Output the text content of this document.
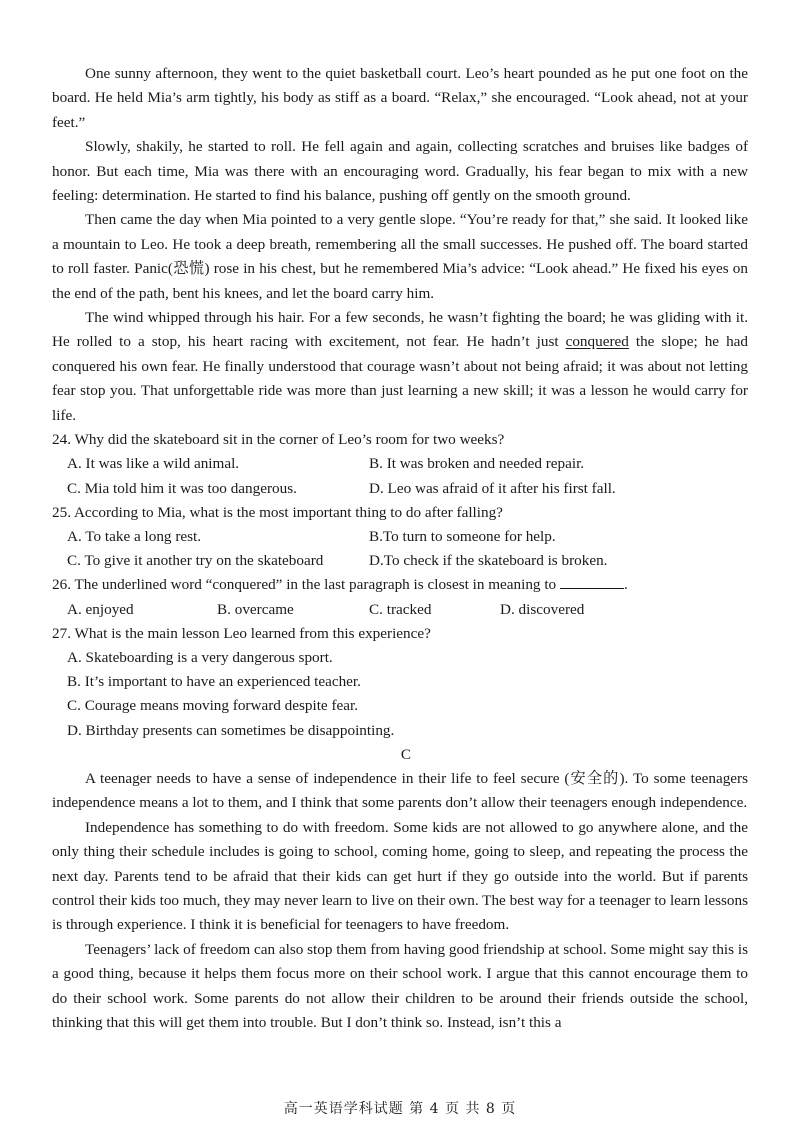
One sunny afternoon, they went to the quiet basketball court. Leo’s heart pounded as he put one foot on the board. He held Mia’s arm tightly, his body as stiff as a board. “Relax,” she encouraged. “Look ahead, not at your feet.”

Slowly, shakily, he started to roll. He fell again and again, collecting scratches and bruises like badges of honor. But each time, Mia was there with an encouraging word. Gradually, his fear began to mix with a new feeling: determination. He started to find his balance, pushing off gently on the smooth ground.

Then came the day when Mia pointed to a very gentle slope. “You’re ready for that,” she said. It looked like a mountain to Leo. He took a deep breath, remembering all the small successes. He pushed off. The board started to roll faster. Panic(恐慌) rose in his chest, but he remembered Mia’s advice: “Look ahead.” He fixed his eyes on the end of the path, bent his knees, and let the board carry him.

The wind whipped through his hair. For a few seconds, he wasn’t fighting the board; he was gliding with it. He rolled to a stop, his heart racing with excitement, not fear. He hadn’t just conquered the slope; he had conquered his own fear. He finally understood that courage wasn’t about not being afraid; it was about not letting fear stop you. That unforgettable ride was more than just learning a new skill; it was a lesson he would carry for life.

24. Why did the skateboard sit in the corner of Leo’s room for two weeks?

A. It was like a wild animal.	B. It was broken and needed repair.
C. Mia told him it was too dangerous.	D. Leo was afraid of it after his first fall.

25. According to Mia, what is the most important thing to do after falling?

A. To take a long rest.	B.To turn to someone for help.
C. To give it another try on the skateboard	D.To check if the skateboard is broken.

26. The underlined word “conquered” in the last paragraph is closest in meaning to	.

A. enjoyed	B. overcame	C. tracked	D. discovered

27. What is the main lesson Leo learned from this experience?

A. Skateboarding is a very dangerous sport.

B. It’s important to have an experienced teacher.

C. Courage means moving forward despite fear.

D. Birthday presents can sometimes be disappointing.

C

A teenager needs to have a sense of independence in their life to feel secure (安全的). To some teenagers independence means a lot to them, and I think that some parents don’t allow their teenagers enough independence.

Independence has something to do with freedom. Some kids are not allowed to go anywhere alone, and the only thing their schedule includes is going to school, coming home, going to sleep, and repeating the process the next day. Parents tend to be afraid that their kids can get hurt if they go outside into the world. But if parents control their kids too much, they may never learn to live on their own. The best way for a teenager to learn lessons is through experience. I think it is beneficial for teenagers to have freedom.

Teenagers’ lack of freedom can also stop them from having good friendship at school. Some might say this is a good thing, because it helps them focus more on their school work. I argue that this cannot encourage them to do their school work. Some parents do not allow their children to be around their friends outside the school, thinking that this will get them into trouble. But I don’t think so. Instead, isn’t this a

高一英语学科试题 第 4 页 共 8 页
